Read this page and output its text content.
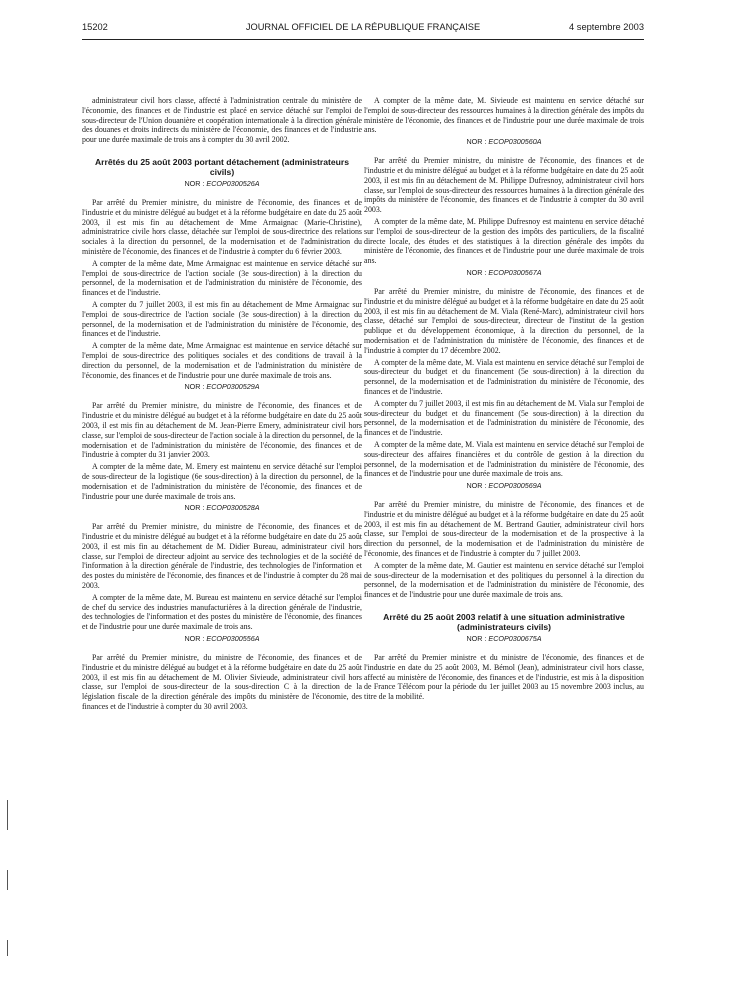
15202	JOURNAL OFFICIEL DE LA RÉPUBLIQUE FRANÇAISE	4 septembre 2003

administrateur civil hors classe, affecté à l'administration centrale du ministère de l'économie, des finances et de l'industrie est placé en service détaché sur l'emploi de sous-directeur de l'Union douanière et coopération internationale à la direction générale des douanes et droits indirects du ministère de l'économie, des finances et de l'industrie pour une durée maximale de trois ans à compter du 30 avril 2002.

Arrêtés du 25 août 2003 portant détachement (administrateurs civils)
NOR : ECOP0300526A

Par arrêté du Premier ministre, du ministre de l'économie, des finances et de l'industrie et du ministre délégué au budget et à la réforme budgétaire en date du 25 août 2003, il est mis fin au détachement de Mme Armaignac (Marie-Christine), administratrice civile hors classe, détachée sur l'emploi de sous-directrice des relations sociales à la direction du personnel, de la modernisation et de l'administration du ministère de l'économie, des finances et de l'industrie à compter du 6 février 2003.

A compter de la même date, Mme Armaignac est maintenue en service détaché sur l'emploi de sous-directrice de l'action sociale (3e sous-direction) à la direction du personnel, de la modernisation et de l'administration du ministère de l'économie, des finances et de l'industrie.

A compter du 7 juillet 2003, il est mis fin au détachement de Mme Armaignac sur l'emploi de sous-directrice de l'action sociale (3e sous-direction) à la direction du personnel, de la modernisation et de l'administration du ministère de l'économie, des finances et de l'industrie.

A compter de la même date, Mme Armaignac est maintenue en service détaché sur l'emploi de sous-directrice des politiques sociales et des conditions de travail à la direction du personnel, de la modernisation et de l'administration du ministère de l'économie, des finances et de l'industrie pour une durée maximale de trois ans.

NOR : ECOP0300529A

Par arrêté du Premier ministre, du ministre de l'économie, des finances et de l'industrie et du ministre délégué au budget et à la réforme budgétaire en date du 25 août 2003, il est mis fin au détachement de M. Jean-Pierre Emery, administrateur civil hors classe, sur l'emploi de sous-directeur de l'action sociale à la direction du personnel, de la modernisation et de l'administration du ministère de l'économie, des finances et de l'industrie à compter du 31 janvier 2003.

A compter de la même date, M. Emery est maintenu en service détaché sur l'emploi de sous-directeur de la logistique (6e sous-direction) à la direction du personnel, de la modernisation et de l'administration du ministère de l'économie, des finances et de l'industrie pour une durée maximale de trois ans.

NOR : ECOP0300528A

Par arrêté du Premier ministre, du ministre de l'économie, des finances et de l'industrie et du ministre délégué au budget et à la réforme budgétaire en date du 25 août 2003, il est mis fin au détachement de M. Didier Bureau, administrateur civil hors classe, sur l'emploi de directeur adjoint au service des technologies et de la société de l'information à la direction générale de l'industrie, des technologies de l'information et des postes du ministère de l'économie, des finances et de l'industrie à compter du 28 mai 2003.

A compter de la même date, M. Bureau est maintenu en service détaché sur l'emploi de chef du service des industries manufacturières à la direction générale de l'industrie, des technologies de l'information et des postes du ministère de l'économie, des finances et de l'industrie pour une durée maximale de trois ans.

NOR : ECOP0300556A

Par arrêté du Premier ministre, du ministre de l'économie, des finances et de l'industrie et du ministre délégué au budget et à la réforme budgétaire en date du 25 août 2003, il est mis fin au détachement de M. Olivier Sivieude, administrateur civil hors classe, sur l'emploi de sous-directeur de la sous-direction C à la direction de la législation fiscale de la direction générale des impôts du ministère de l'économie, des finances et de l'industrie à compter du 30 avril 2003.

A compter de la même date, M. Sivieude est maintenu en service détaché sur l'emploi de sous-directeur des ressources humaines à la direction générale des impôts du ministère de l'économie, des finances et de l'industrie pour une durée maximale de trois ans.

NOR : ECOP0300560A

Par arrêté du Premier ministre, du ministre de l'économie, des finances et de l'industrie et du ministre délégué au budget et à la réforme budgétaire en date du 25 août 2003, il est mis fin au détachement de M. Philippe Dufresnoy, administrateur civil hors classe, sur l'emploi de sous-directeur des ressources humaines à la direction générale des impôts du ministère de l'économie, des finances et de l'industrie à compter du 30 avril 2003.

A compter de la même date, M. Philippe Dufresnoy est maintenu en service détaché sur l'emploi de sous-directeur de la gestion des impôts des particuliers, de la fiscalité directe locale, des études et des statistiques à la direction générale des impôts du ministère de l'économie, des finances et de l'industrie pour une durée maximale de trois ans.

NOR : ECOP0300567A

Par arrêté du Premier ministre, du ministre de l'économie, des finances et de l'industrie et du ministre délégué au budget et à la réforme budgétaire en date du 25 août 2003, il est mis fin au détachement de M. Viala (René-Marc), administrateur civil hors classe, détaché sur l'emploi de sous-directeur, directeur de l'institut de la gestion publique et du développement économique, à la direction du personnel, de la modernisation et de l'administration du ministère de l'économie, des finances et de l'industrie à compter du 17 décembre 2002.

A compter de la même date, M. Viala est maintenu en service détaché sur l'emploi de sous-directeur du budget et du financement (5e sous-direction) à la direction du personnel, de la modernisation et de l'administration du ministère de l'économie, des finances et de l'industrie.

A compter du 7 juillet 2003, il est mis fin au détachement de M. Viala sur l'emploi de sous-directeur du budget et du financement (5e sous-direction) à la direction du personnel, de la modernisation et de l'administration du ministère de l'économie, des finances et de l'industrie.

A compter de la même date, M. Viala est maintenu en service détaché sur l'emploi de sous-directeur des affaires financières et du contrôle de gestion à la direction du personnel, de la modernisation et de l'administration du ministère de l'économie, des finances et de l'industrie pour une durée maximale de trois ans.

NOR : ECOP0300569A

Par arrêté du Premier ministre, du ministre de l'économie, des finances et de l'industrie et du ministre délégué au budget et à la réforme budgétaire en date du 25 août 2003, il est mis fin au détachement de M. Bertrand Gautier, administrateur civil hors classe, sur l'emploi de sous-directeur de la modernisation et de la prospective à la direction du personnel, de la modernisation et de l'administration du ministère de l'économie, des finances et de l'industrie à compter du 7 juillet 2003.

A compter de la même date, M. Gautier est maintenu en service détaché sur l'emploi de sous-directeur de la modernisation et des politiques du personnel à la direction du personnel, de la modernisation et de l'administration du ministère de l'économie, des finances et de l'industrie pour une durée maximale de trois ans.

Arrêté du 25 août 2003 relatif à une situation administrative (administrateurs civils)
NOR : ECOP0300675A

Par arrêté du Premier ministre et du ministre de l'économie, des finances et de l'industrie en date du 25 août 2003, M. Bémol (Jean), administrateur civil hors classe, affecté au ministère de l'économie, des finances et de l'industrie, est mis à la disposition de France Télécom pour la période du 1er juillet 2003 au 15 novembre 2003 inclus, au titre de la mobilité.
